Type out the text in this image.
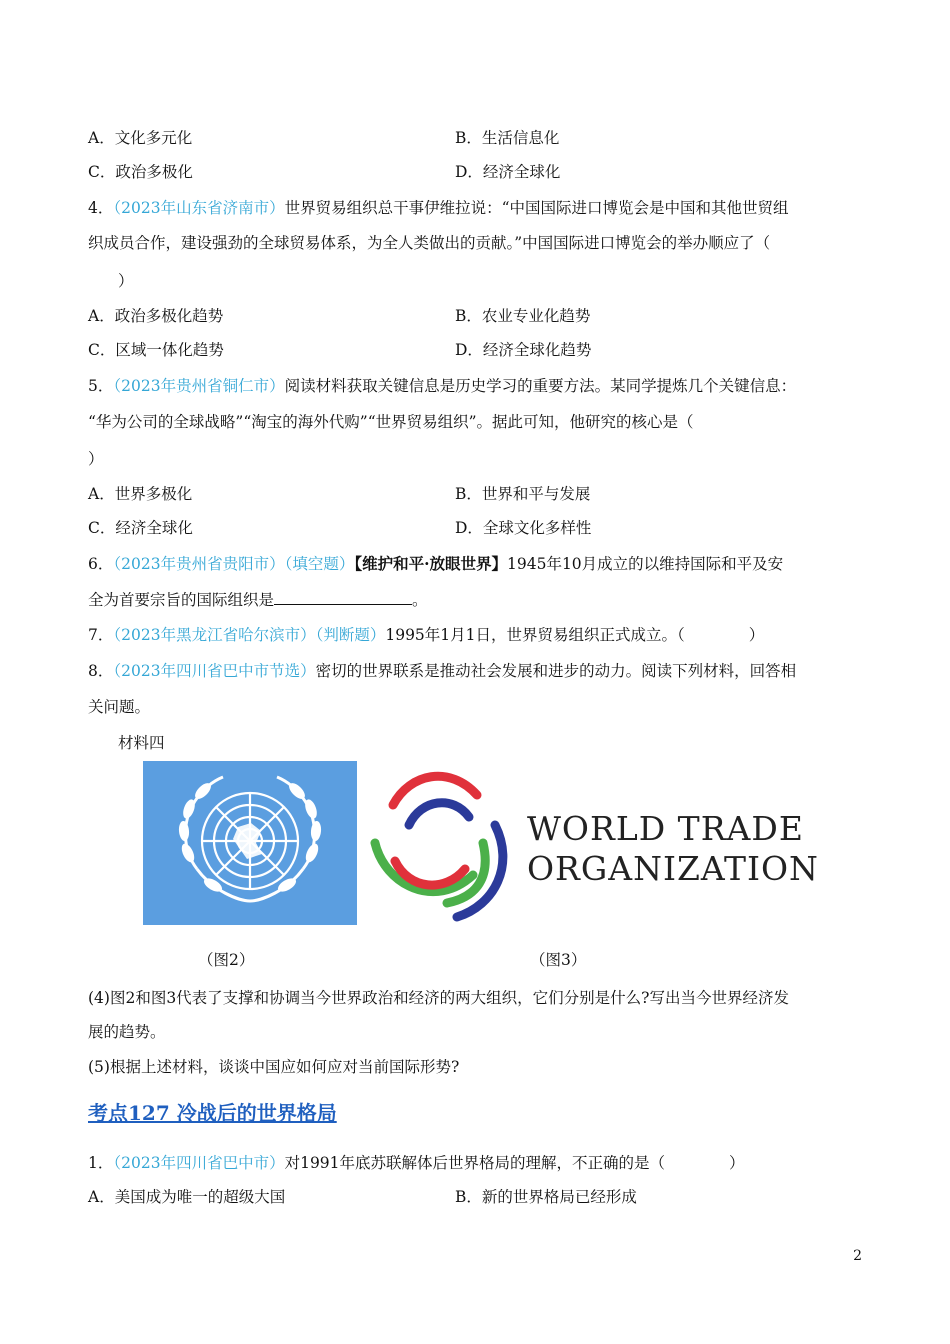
A．文化多元化	B．生活信息化
C．政治多极化	D．经济全球化
4．（2023年山东省济南市）世界贸易组织总干事伊维拉说：“中国国际进口博览会是中国和其他世贸组
织成员合作，建设强劲的全球贸易体系，为全人类做出的贡献。”中国国际进口博览会的举办顺应了（
）
A．政治多极化趋势	B．农业专业化趋势
C．区域一体化趋势	D．经济全球化趋势
5．（2023年贵州省铜仁市）阅读材料获取关键信息是历史学习的重要方法。某同学提炼几个关键信息：
“华为公司的全球战略”“淘宝的海外代购”“世界贸易组织”。据此可知，他研究的核心是（
）
A．世界多极化	B．世界和平与发展
C．经济全球化	D．全球文化多样性
6．（2023年贵州省贵阳市）（填空题）【维护和平·放眼世界】1945年10月成立的以维持国际和平及安
全为首要宗旨的国际组织是	。
7．（2023年黑龙江省哈尔滨市）（判断题）1995年1月1日，世界贸易组织正式成立。（	）
8．（2023年四川省巴中市节选）密切的世界联系是推动社会发展和进步的动力。阅读下列材料，回答相
关问题。
材料四
WORLD TRADE
ORGANIZATION
（图2）	（图3）
(4)图2和图3代表了支撑和协调当今世界政治和经济的两大组织，它们分别是什么?写出当今世界经济发
展的趋势。
(5)根据上述材料，谈谈中国应如何应对当前国际形势?
考点127 冷战后的世界格局
1．（2023年四川省巴中市）对1991年底苏联解体后世界格局的理解，不正确的是（	）
A．美国成为唯一的超级大国	B．新的世界格局已经形成
2
